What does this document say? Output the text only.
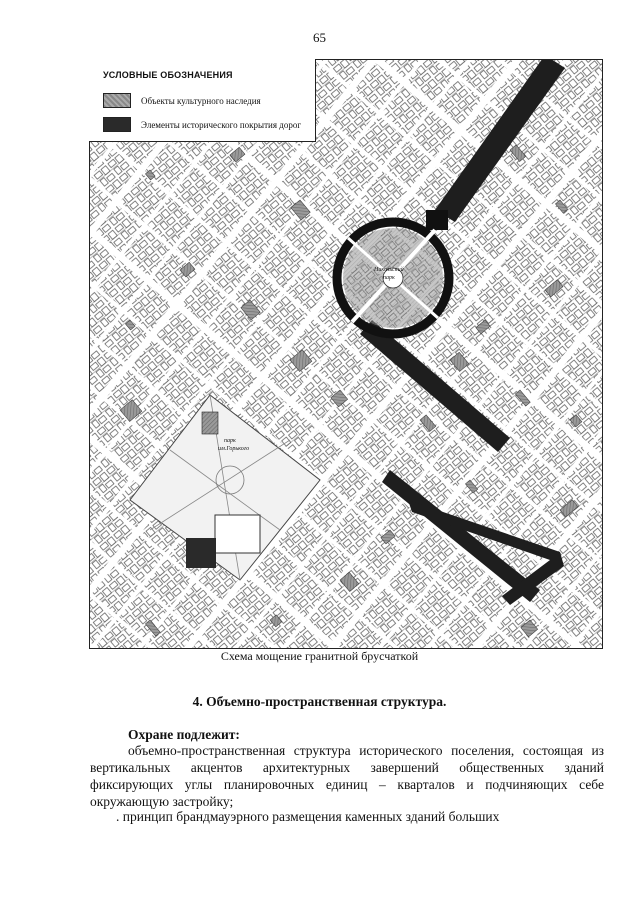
65
Никольский
парк
парк
им.Горького
УСЛОВНЫЕ ОБОЗНАЧЕНИЯ
Объекты культурного наследия
Элементы исторического покрытия дорог
Схема мощение гранитной брусчаткой
4. Объемно-пространственная структура.
Охране подлежит:
объемно-пространственная структура исторического поселения, состоящая из вертикальных акцентов архитектурных завершений общественных зданий фиксирующих углы планировочных единиц – кварталов и подчиняющих себе окружающую застройку;
. принцип брандмауэрного размещения каменных зданий больших
